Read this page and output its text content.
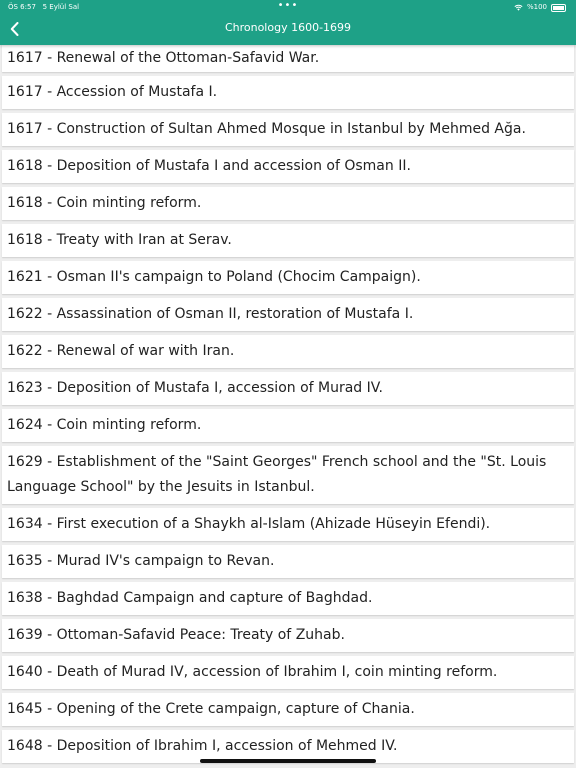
ÖS 6:57 5 Eylül Sal	•••	%100
Chronology 1600-1699
1617 - Renewal of the Ottoman-Safavid War.
1617 - Accession of Mustafa I.
1617 - Construction of Sultan Ahmed Mosque in Istanbul by Mehmed Ağa.
1618 - Deposition of Mustafa I and accession of Osman II.
1618 - Coin minting reform.
1618 - Treaty with Iran at Serav.
1621 - Osman II's campaign to Poland (Chocim Campaign).
1622 - Assassination of Osman II, restoration of Mustafa I.
1622 - Renewal of war with Iran.
1623 - Deposition of Mustafa I, accession of Murad IV.
1624 - Coin minting reform.
1629 - Establishment of the "Saint Georges" French school and the "St. Louis Language School" by the Jesuits in Istanbul.
1634 - First execution of a Shaykh al-Islam (Ahizade Hüseyin Efendi).
1635 - Murad IV's campaign to Revan.
1638 - Baghdad Campaign and capture of Baghdad.
1639 - Ottoman-Safavid Peace: Treaty of Zuhab.
1640 - Death of Murad IV, accession of Ibrahim I, coin minting reform.
1645 - Opening of the Crete campaign, capture of Chania.
1648 - Deposition of Ibrahim I, accession of Mehmed IV.
